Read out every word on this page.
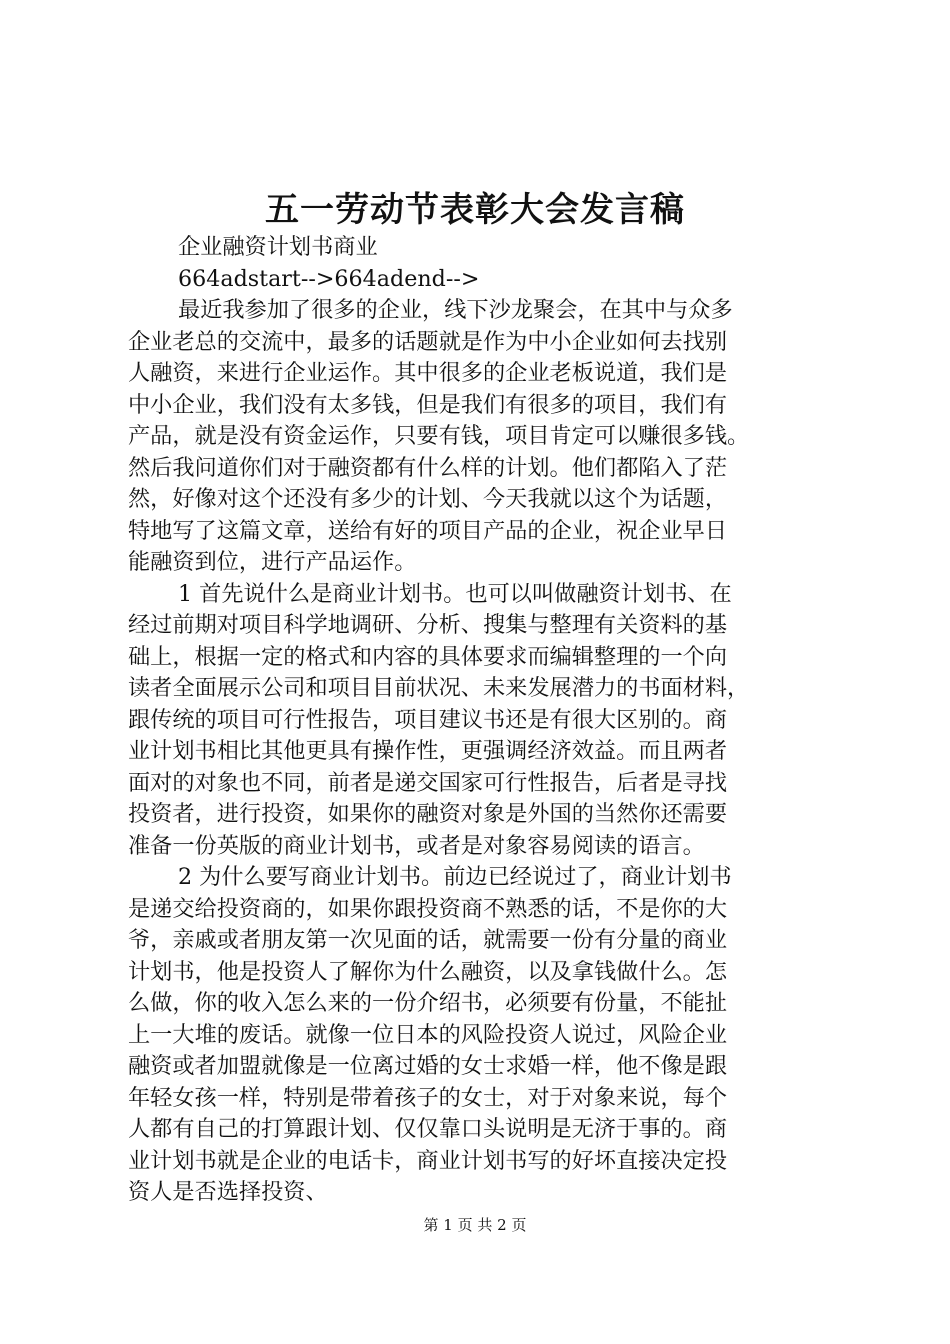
五一劳动节表彰大会发言稿
企业融资计划书商业
664adstart-->664adend-->
最近我参加了很多的企业，线下沙龙聚会，在其中与众多
企业老总的交流中，最多的话题就是作为中小企业如何去找别
人融资，来进行企业运作。其中很多的企业老板说道，我们是
中小企业，我们没有太多钱，但是我们有很多的项目，我们有
产品，就是没有资金运作，只要有钱，项目肯定可以赚很多钱。
然后我问道你们对于融资都有什么样的计划。他们都陷入了茫
然，好像对这个还没有多少的计划、今天我就以这个为话题，
特地写了这篇文章，送给有好的项目产品的企业，祝企业早日
能融资到位，进行产品运作。
1 首先说什么是商业计划书。也可以叫做融资计划书、在
经过前期对项目科学地调研、分析、搜集与整理有关资料的基
础上，根据一定的格式和内容的具体要求而编辑整理的一个向
读者全面展示公司和项目目前状况、未来发展潜力的书面材料，
跟传统的项目可行性报告，项目建议书还是有很大区别的。商
业计划书相比其他更具有操作性，更强调经济效益。而且两者
面对的对象也不同，前者是递交国家可行性报告，后者是寻找
投资者，进行投资，如果你的融资对象是外国的当然你还需要
准备一份英版的商业计划书，或者是对象容易阅读的语言。
2 为什么要写商业计划书。前边已经说过了，商业计划书
是递交给投资商的，如果你跟投资商不熟悉的话，不是你的大
爷，亲戚或者朋友第一次见面的话，就需要一份有分量的商业
计划书，他是投资人了解你为什么融资，以及拿钱做什么。怎
么做，你的收入怎么来的一份介绍书，必须要有份量，不能扯
上一大堆的废话。就像一位日本的风险投资人说过，风险企业
融资或者加盟就像是一位离过婚的女士求婚一样，他不像是跟
年轻女孩一样，特别是带着孩子的女士，对于对象来说，每个
人都有自己的打算跟计划、仅仅靠口头说明是无济于事的。商
业计划书就是企业的电话卡，商业计划书写的好坏直接决定投
资人是否选择投资、
第 1 页 共 2 页
